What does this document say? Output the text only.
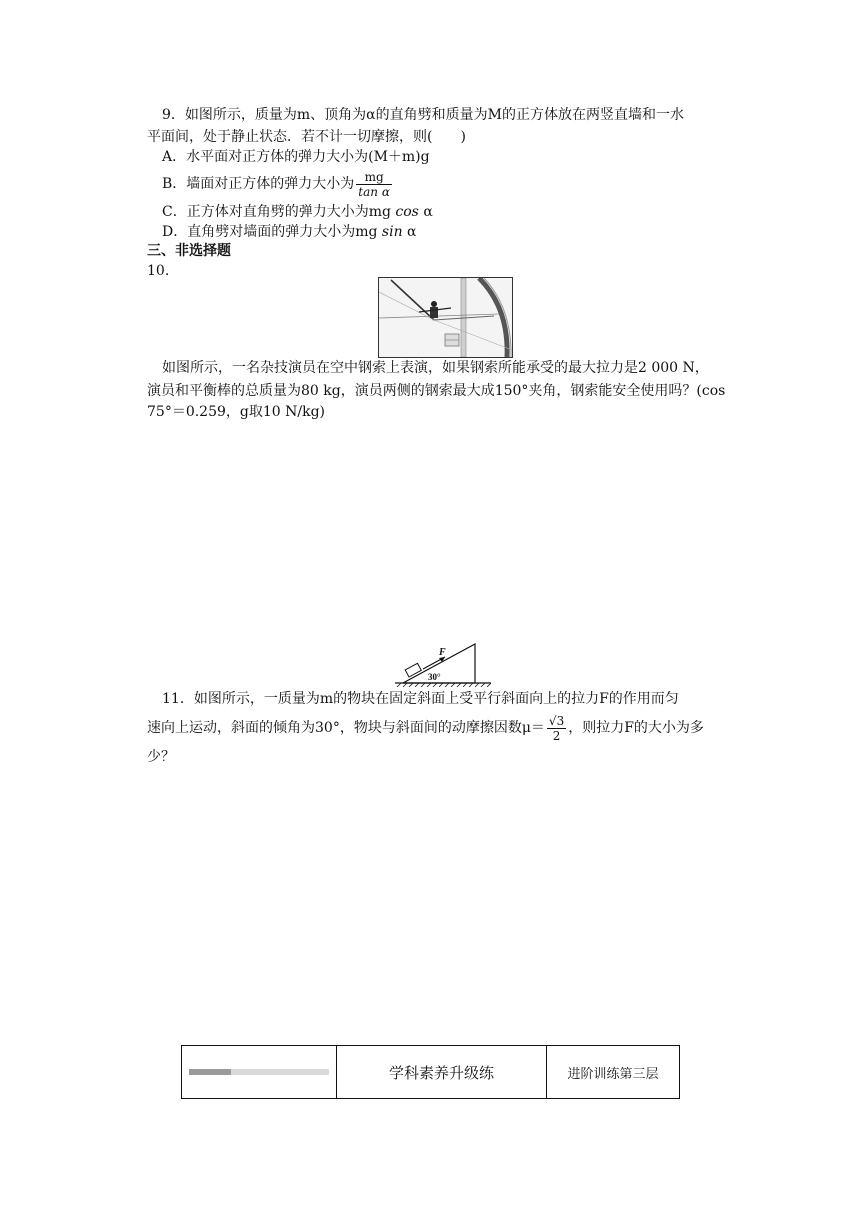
9．如图所示，质量为m、顶角为α的直角劈和质量为M的正方体放在两竖直墙和一水
平面间，处于静止状态．若不计一切摩擦，则(　　)
A．水平面对正方体的弹力大小为(M＋m)g
B．墙面对正方体的弹力大小为 $\frac{mg}{\text{tan α}}$
C．正方体对直角劈的弹力大小为mg cos α
D．直角劈对墙面的弹力大小为mg sin α
三、非选择题
10.
如图所示，一名杂技演员在空中钢索上表演，如果钢索所能承受的最大拉力是2 000 N，
演员和平衡棒的总质量为80 kg，演员两侧的钢索最大成150°夹角，钢索能安全使用吗？(cos
75°＝0.259，g取10 N/kg)
F
30°
11．如图所示，一质量为m的物块在固定斜面上受平行斜面向上的拉力F的作用而匀
速向上运动，斜面的倾角为30°，物块与斜面间的动摩擦因数$\mu= \frac{√3}{2}$ ，则拉力F的大小为多
少？
学科素养升级练	进阶训练第三层
